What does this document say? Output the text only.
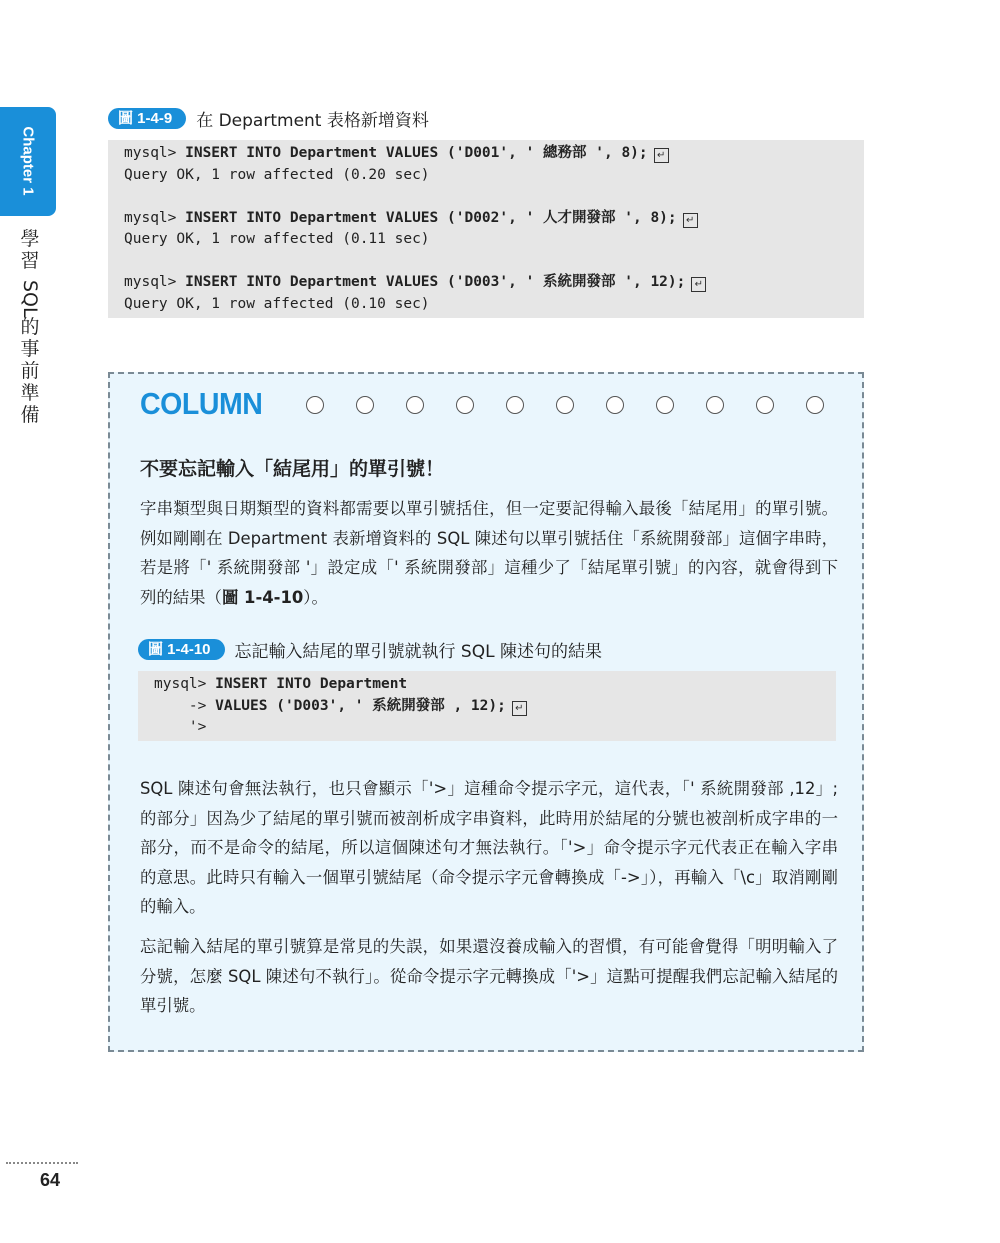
Chapter 1
學
習
SQL
的
事
前
準
備
圖 1-4-9	在 Department 表格新增資料
mysql> INSERT INTO Department VALUES ('D001', ' 總務部 ', 8); ↵
Query OK, 1 row affected (0.20 sec)
mysql> INSERT INTO Department VALUES ('D002', ' 人才開發部 ', 8); ↵
Query OK, 1 row affected (0.11 sec)
mysql> INSERT INTO Department VALUES ('D003', ' 系統開發部 ', 12); ↵
Query OK, 1 row affected (0.10 sec)
COLUMN
不要忘記輸入「結尾用」的單引號！

字串類型與日期類型的資料都需要以單引號括住，但一定要記得輸入最後「結尾用」的單引號。例如剛剛在 Department 表新增資料的 SQL 陳述句以單引號括住「系統開發部」這個字串時，若是將「' 系統開發部 '」設定成「' 系統開發部」這種少了「結尾單引號」的內容，就會得到下列的結果（圖 1-4-10）。

圖 1-4-10	忘記輸入結尾的單引號就執行 SQL 陳述句的結果
mysql> INSERT INTO Department
-> VALUES ('D003', ' 系統開發部 , 12); ↵
'>

SQL 陳述句會無法執行，也只會顯示「'>」這種命令提示字元，這代表，「' 系統開發部 ,12」; 的部分」因為少了結尾的單引號而被剖析成字串資料，此時用於結尾的分號也被剖析成字串的一部分，而不是命令的結尾，所以這個陳述句才無法執行。「'>」命令提示字元代表正在輸入字串的意思。此時只有輸入一個單引號結尾（命令提示字元會轉換成「->」），再輸入「\c」取消剛剛的輸入。

忘記輸入結尾的單引號算是常見的失誤，如果還沒養成輸入的習慣，有可能會覺得「明明輸入了分號，怎麼 SQL 陳述句不執行」。從命令提示字元轉換成「'>」這點可提醒我們忘記輸入結尾的單引號。

64
